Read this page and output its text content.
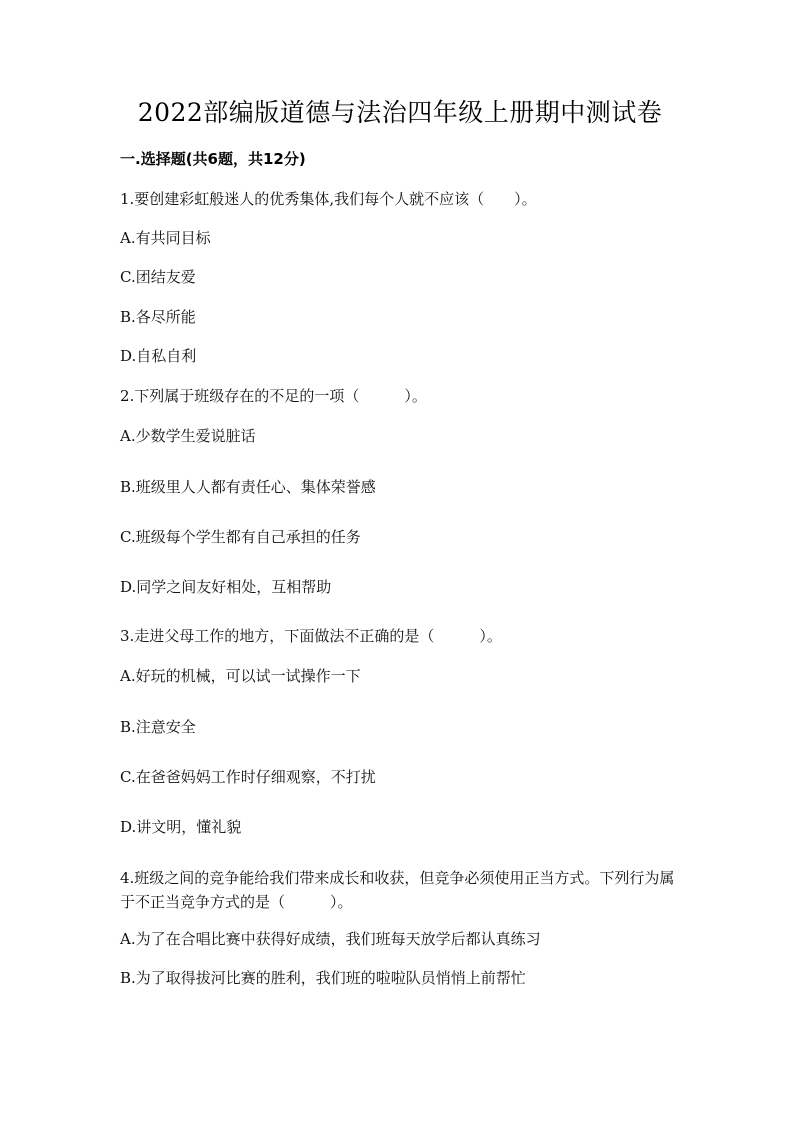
2022部编版道德与法治四年级上册期中测试卷
一.选择题(共6题，共12分)
1.要创建彩虹般迷人的优秀集体,我们每个人就不应该（　　）。
A.有共同目标
C.团结友爱
B.各尽所能
D.自私自利
2.下列属于班级存在的不足的一项（　　　）。
A.少数学生爱说脏话
B.班级里人人都有责任心、集体荣誉感
C.班级每个学生都有自己承担的任务
D.同学之间友好相处，互相帮助
3.走进父母工作的地方，下面做法不正确的是（　　　）。
A.好玩的机械，可以试一试操作一下
B.注意安全
C.在爸爸妈妈工作时仔细观察，不打扰
D.讲文明，懂礼貌
4.班级之间的竞争能给我们带来成长和收获，但竞争必须使用正当方式。下列行为属于不正当竞争方式的是（　　　）。
A.为了在合唱比赛中获得好成绩，我们班每天放学后都认真练习
B.为了取得拔河比赛的胜利，我们班的啦啦队员悄悄上前帮忙
